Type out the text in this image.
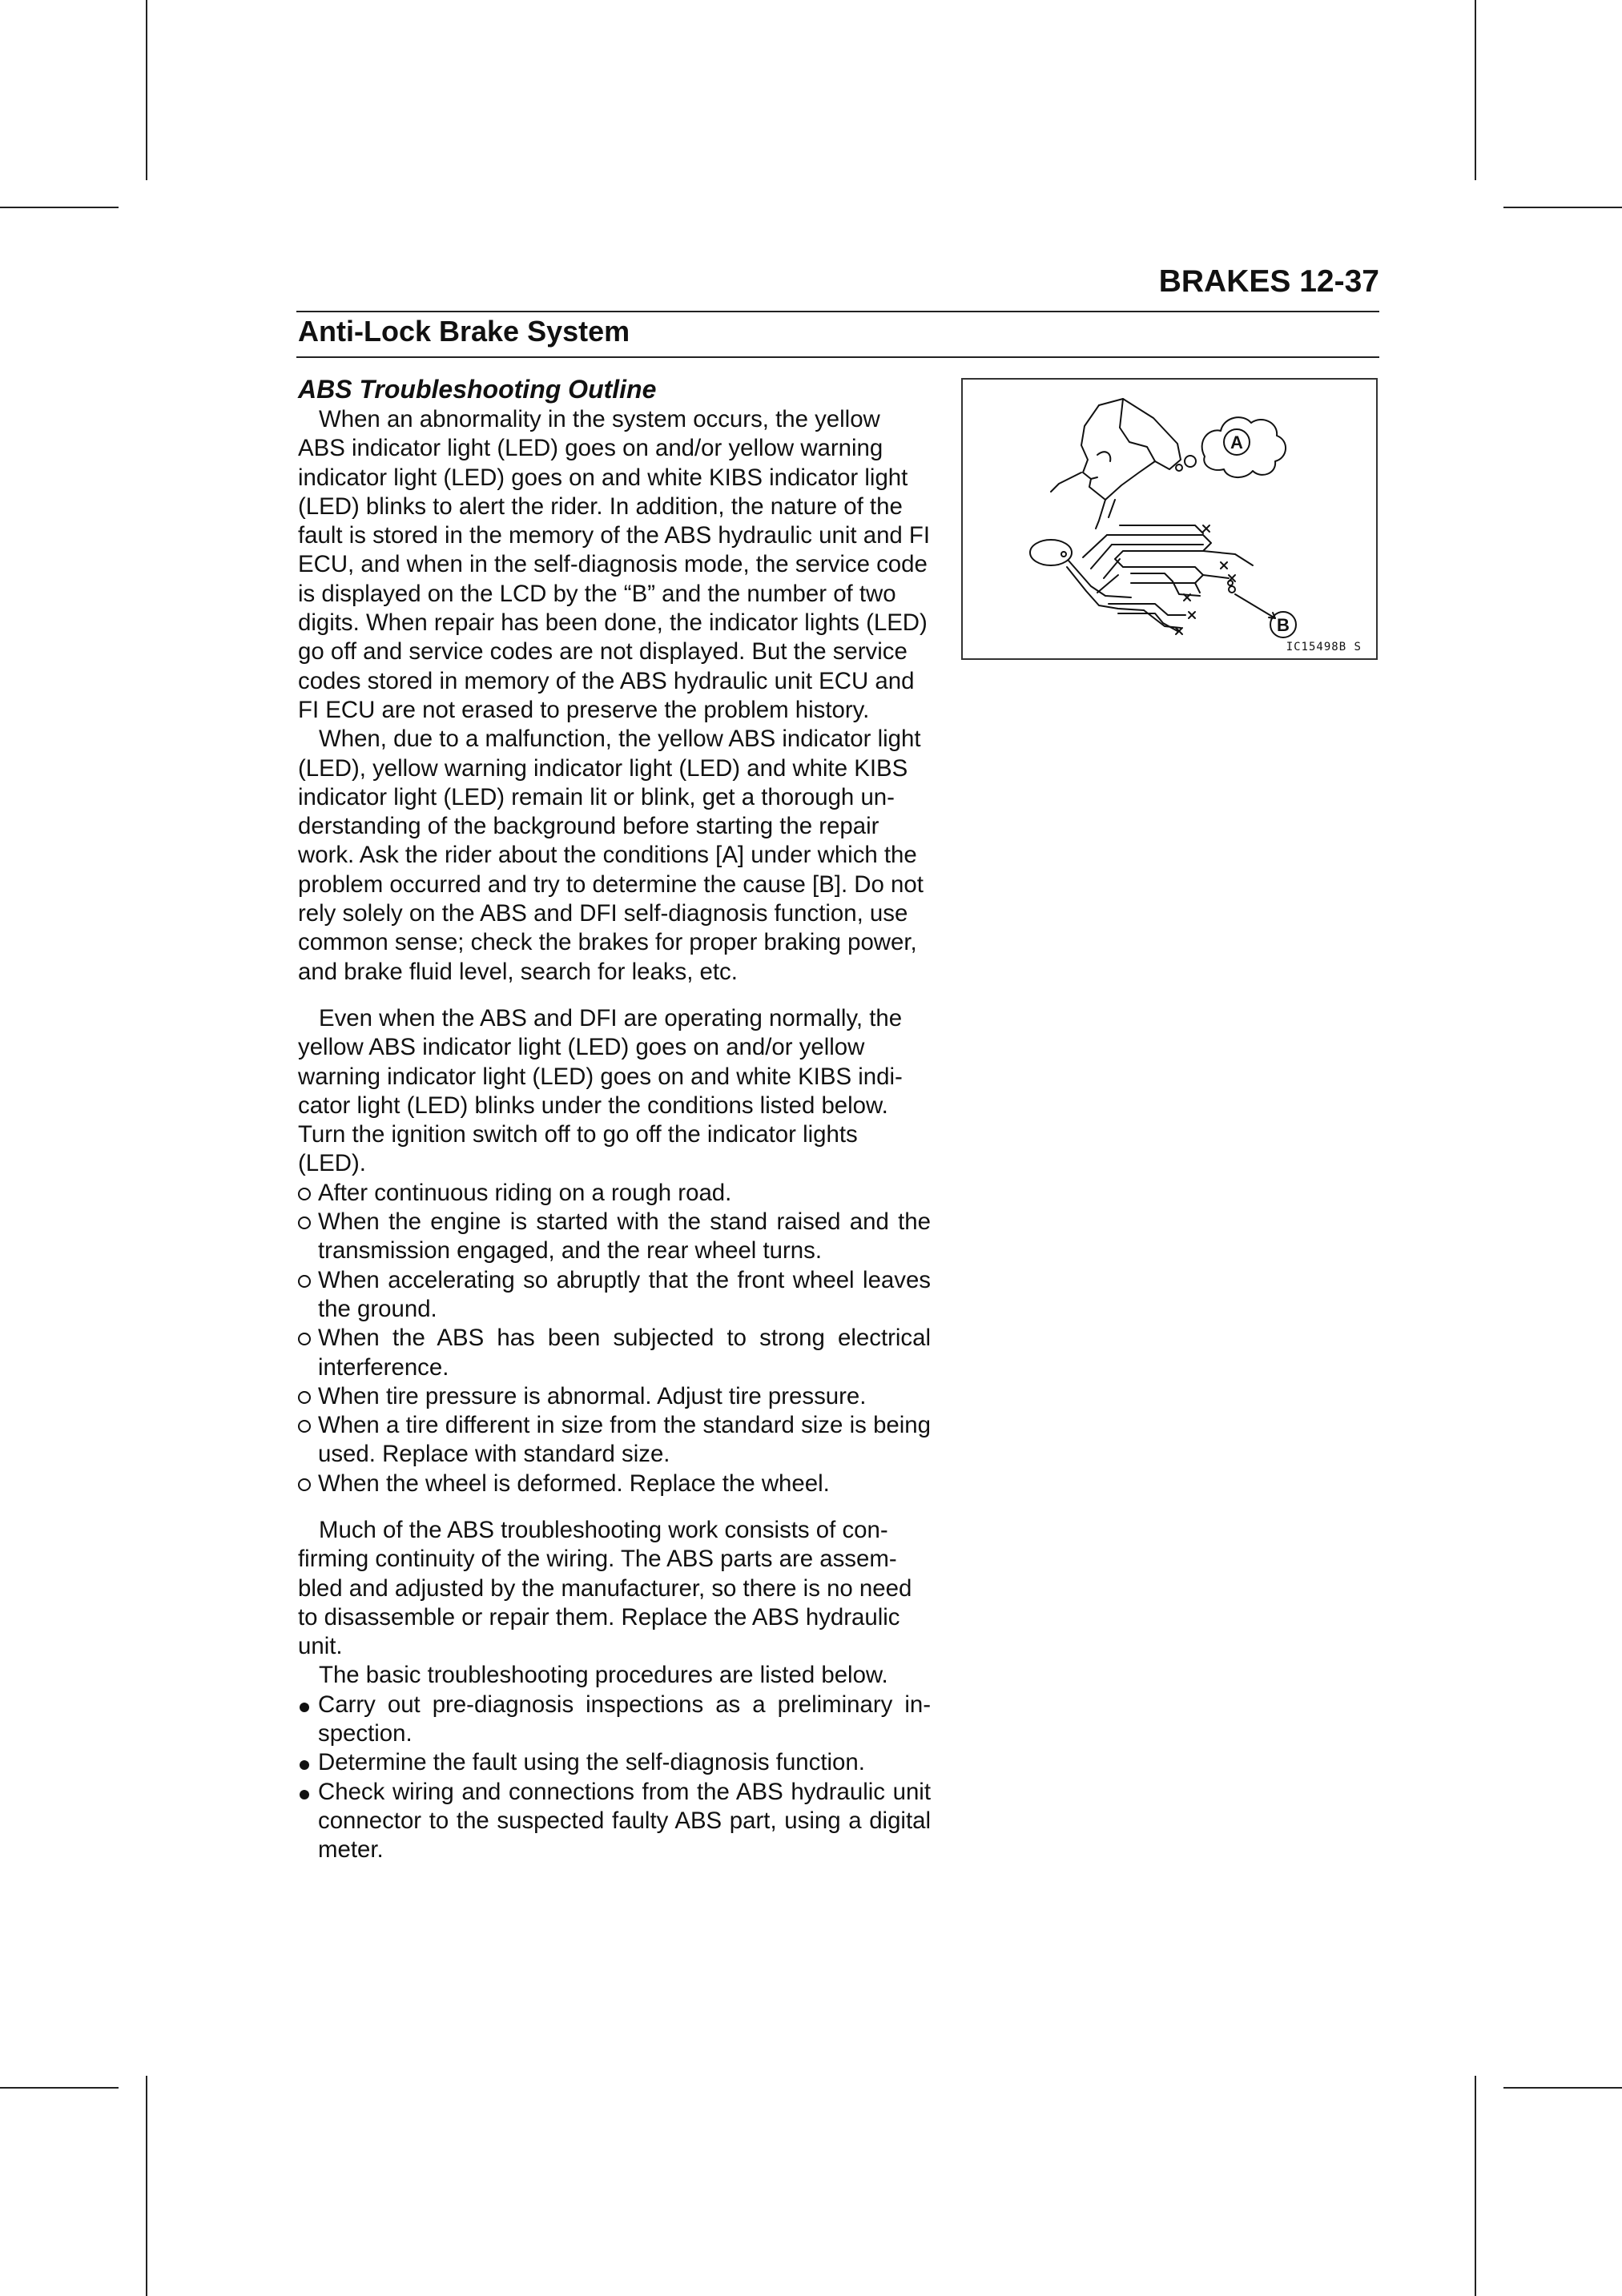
BRAKES 12-37
Anti-Lock Brake System
ABS Troubleshooting Outline

When an abnormality in the system occurs, the yellow ABS indicator light (LED) goes on and/or yellow warning indicator light (LED) goes on and white KIBS indicator light (LED) blinks to alert the rider. In addition, the nature of the fault is stored in the memory of the ABS hydraulic unit and FI ECU, and when in the self-diagnosis mode, the service code is displayed on the LCD by the “B” and the number of two digits. When repair has been done, the indicator lights (LED) go off and service codes are not displayed. But the service codes stored in memory of the ABS hydraulic unit ECU and FI ECU are not erased to preserve the problem history.

When, due to a malfunction, the yellow ABS indicator light (LED), yellow warning indicator light (LED) and white KIBS indicator light (LED) remain lit or blink, get a thorough un-derstanding of the background before starting the repair work. Ask the rider about the conditions [A] under which the problem occurred and try to determine the cause [B]. Do not rely solely on the ABS and DFI self-diagnosis function, use common sense; check the brakes for proper braking power, and brake fluid level, search for leaks, etc.

Even when the ABS and DFI are operating normally, the yellow ABS indicator light (LED) goes on and/or yellow warning indicator light (LED) goes on and white KIBS indi-cator light (LED) blinks under the conditions listed below. Turn the ignition switch off to go off the indicator lights (LED).

After continuous riding on a rough road.
When the engine is started with the stand raised and the transmission engaged, and the rear wheel turns.
When accelerating so abruptly that the front wheel leaves the ground.
When the ABS has been subjected to strong electrical interference.
When tire pressure is abnormal. Adjust tire pressure.
When a tire different in size from the standard size is being used. Replace with standard size.
When the wheel is deformed. Replace the wheel.

Much of the ABS troubleshooting work consists of con-firming continuity of the wiring. The ABS parts are assem-bled and adjusted by the manufacturer, so there is no need to disassemble or repair them. Replace the ABS hydraulic unit.

The basic troubleshooting procedures are listed below.

Carry out pre-diagnosis inspections as a preliminary in-spection.
Determine the fault using the self-diagnosis function.
Check wiring and connections from the ABS hydraulic unit connector to the suspected faulty ABS part, using a digital meter.
A
B
IC15498B S
